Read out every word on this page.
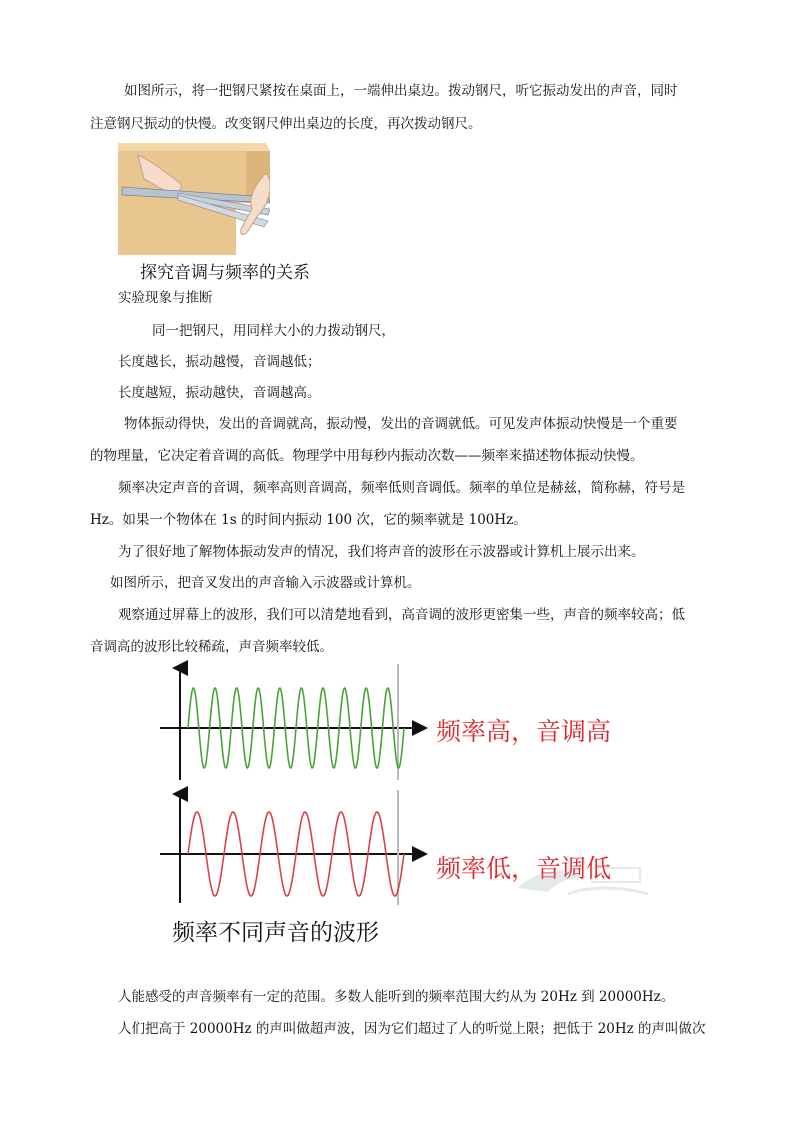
如图所示，将一把钢尺紧按在桌面上，一端伸出桌边。拨动钢尺，听它振动发出的声音，同时
注意钢尺振动的快慢。改变钢尺伸出桌边的长度，再次拨动钢尺。
探究音调与频率的关系
实验现象与推断
同一把钢尺，用同样大小的力拨动钢尺，
长度越长，振动越慢，音调越低；
长度越短，振动越快，音调越高。
物体振动得快，发出的音调就高，振动慢，发出的音调就低。可见发声体振动快慢是一个重要
的物理量，它决定着音调的高低。物理学中用每秒内振动次数——频率来描述物体振动快慢。
频率决定声音的音调，频率高则音调高，频率低则音调低。频率的单位是赫兹，简称赫，符号是
Hz。如果一个物体在 1s 的时间内振动 100 次，它的频率就是 100Hz。
为了很好地了解物体振动发声的情况，我们将声音的波形在示波器或计算机上展示出来。
如图所示，把音叉发出的声音输入示波器或计算机。
观察通过屏幕上的波形，我们可以清楚地看到，高音调的波形更密集一些，声音的频率较高；低
音调高的波形比较稀疏，声音频率较低。
频率高，音调高
频率低，音调低
频率不同声音的波形
人能感受的声音频率有一定的范围。多数人能听到的频率范围大约从为 20Hz 到 20000Hz。
人们把高于 20000Hz 的声叫做超声波，因为它们超过了人的听觉上限；把低于 20Hz 的声叫做次
